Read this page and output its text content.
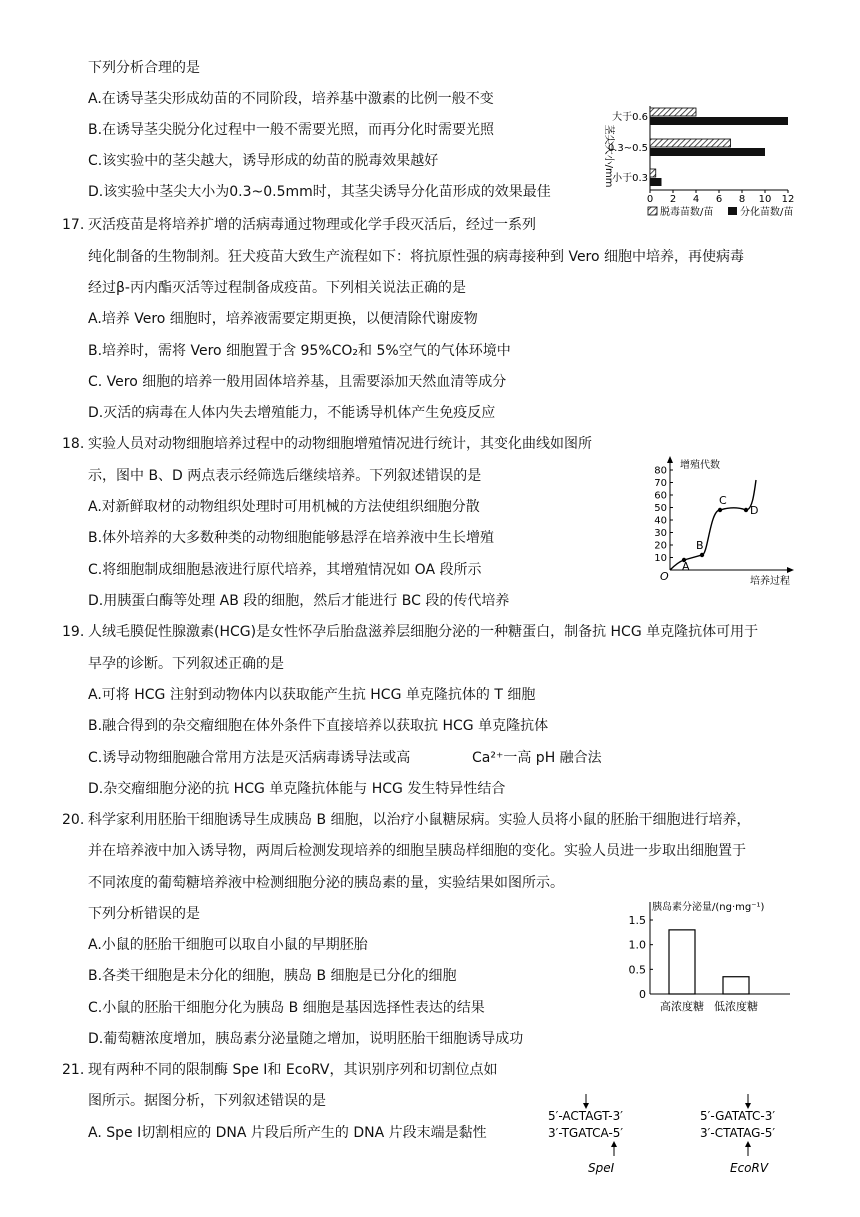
下列分析合理的是
A.在诱导茎尖形成幼苗的不同阶段，培养基中激素的比例一般不变
B.在诱导茎尖脱分化过程中一般不需要光照，而再分化时需要光照
C.该实验中的茎尖越大，诱导形成的幼苗的脱毒效果越好
D.该实验中茎尖大小为0.3~0.5mm时，其茎尖诱导分化苗形成的效果最佳
茎尖大小/mm
大于0.6
0.3~0.5
小于0.3
0 2 4 6 8 10 12
脱毒苗数/苗	分化苗数/苗
17. 灭活疫苗是将培养扩增的活病毒通过物理或化学手段灭活后，经过一系列
纯化制备的生物制剂。狂犬疫苗大致生产流程如下：将抗原性强的病毒接种到 Vero 细胞中培养，再使病毒
经过β-丙内酯灭活等过程制备成疫苗。下列相关说法正确的是
A.培养 Vero 细胞时，培养液需要定期更换，以便清除代谢废物
B.培养时，需将 Vero 细胞置于含 95%CO₂和 5%空气的气体环境中
C. Vero 细胞的培养一般用固体培养基，且需要添加天然血清等成分
D.灭活的病毒在人体内失去增殖能力，不能诱导机体产生免疫反应
18. 实验人员对动物细胞培养过程中的动物细胞增殖情况进行统计，其变化曲线如图所
示，图中 B、D 两点表示经筛选后继续培养。下列叙述错误的是
A.对新鲜取材的动物组织处理时可用机械的方法使组织细胞分散
B.体外培养的大多数种类的动物细胞能够悬浮在培养液中生长增殖
C.将细胞制成细胞悬液进行原代培养，其增殖情况如 OA 段所示
D.用胰蛋白酶等处理 AB 段的细胞，然后才能进行 BC 段的传代培养
增殖代数
培养过程
O
10
20
30
40
50
60
70
80
A
B
C
D
19. 人绒毛膜促性腺激素(HCG)是女性怀孕后胎盘滋养层细胞分泌的一种糖蛋白，制备抗 HCG 单克隆抗体可用于
早孕的诊断。下列叙述正确的是
A.可将 HCG 注射到动物体内以获取能产生抗 HCG 单克隆抗体的 T 细胞
B.融合得到的杂交瘤细胞在体外条件下直接培养以获取抗 HCG 单克隆抗体
C.诱导动物细胞融合常用方法是灭活病毒诱导法或高	Ca²⁺一高 pH 融合法
D.杂交瘤细胞分泌的抗 HCG 单克隆抗体能与 HCG 发生特异性结合
20. 科学家利用胚胎干细胞诱导生成胰岛 B 细胞，以治疗小鼠糖尿病。实验人员将小鼠的胚胎干细胞进行培养，
并在培养液中加入诱导物，两周后检测发现培养的细胞呈胰岛样细胞的变化。实验人员进一步取出细胞置于
不同浓度的葡萄糖培养液中检测细胞分泌的胰岛素的量，实验结果如图所示。
下列分析错误的是
A.小鼠的胚胎干细胞可以取自小鼠的早期胚胎
B.各类干细胞是未分化的细胞，胰岛 B 细胞是已分化的细胞
C.小鼠的胚胎干细胞分化为胰岛 B 细胞是基因选择性表达的结果
D.葡萄糖浓度增加，胰岛素分泌量随之增加，说明胚胎干细胞诱导成功
胰岛素分泌量/(ng·mg⁻¹)
0
0.5
1.0
1.5
高浓度糖 低浓度糖
21. 现有两种不同的限制酶 Spe Ⅰ和 EcoRV，其识别序列和切割位点如
图所示。据图分析，下列叙述错误的是
A. Spe Ⅰ切割相应的 DNA 片段后所产生的 DNA 片段末端是黏性
5′-ACTAGT-3′
3′-TGATCA-5′
SpeⅠ
5′-GATATC-3′
3′-CTATAG-5′
EcoRV
